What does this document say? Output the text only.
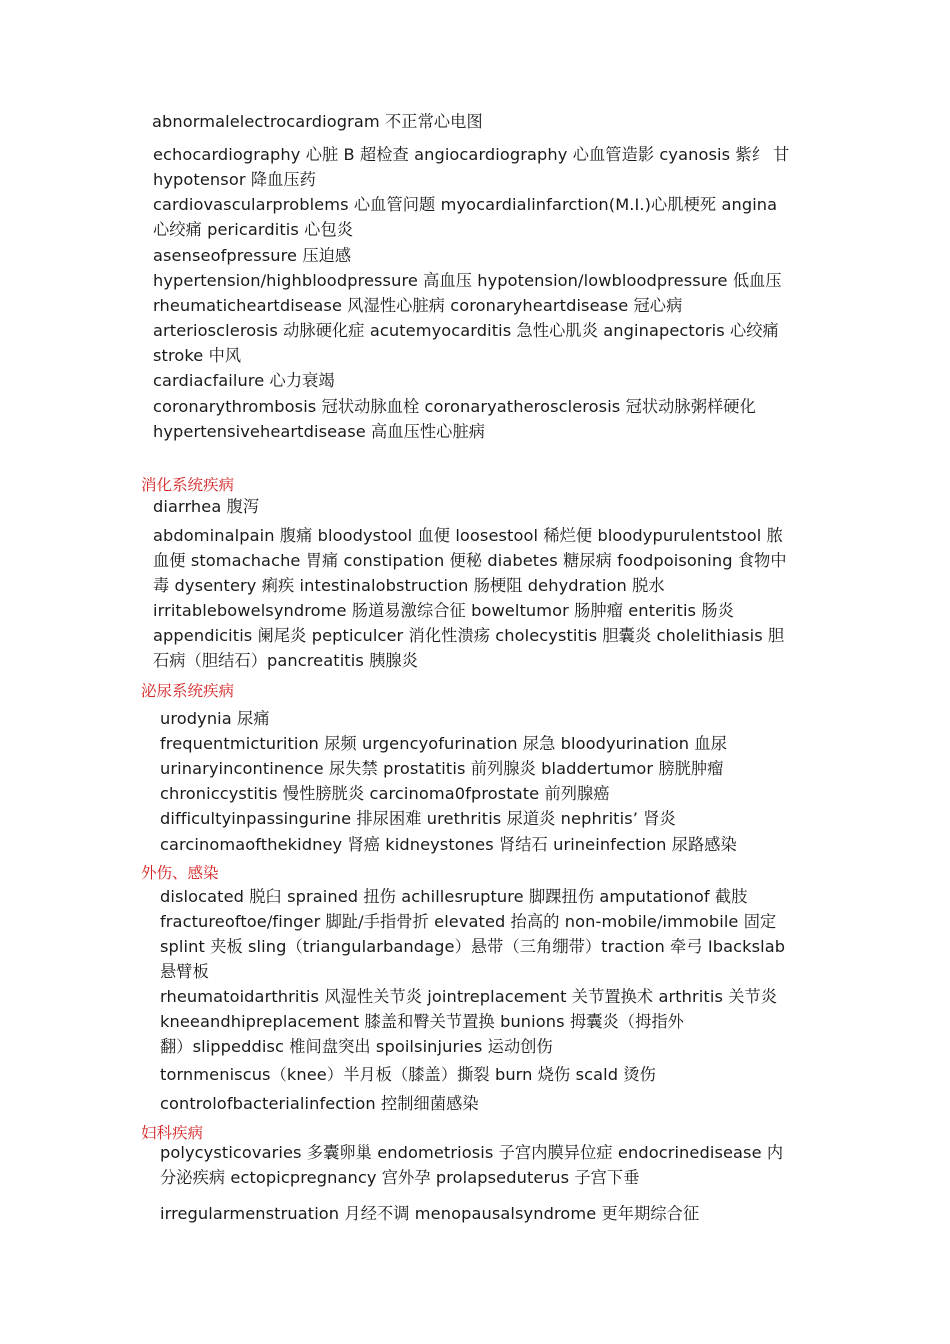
abnormalelectrocardiogram 不正常心电图
echocardiography 心脏 B 超检查 angiocardiography 心血管造影 cyanosis 紫纟 甘
hypotensor 降血压药
cardiovascularproblems 心血管问题 myocardialinfarction(M.I.)心肌梗死 angina
心绞痛 pericarditis 心包炎
asenseofpressure 压迫感
hypertension/highbloodpressure 高血压 hypotension/lowbloodpressure 低血压
rheumaticheartdisease 风湿性心脏病 coronaryheartdisease 冠心病
arteriosclerosis 动脉硬化症 acutemyocarditis 急性心肌炎 anginapectoris 心绞痛
stroke 中风
cardiacfailure 心力衰竭
coronarythrombosis 冠状动脉血栓 coronaryatherosclerosis 冠状动脉粥样硬化
hypertensiveheartdisease 高血压性心脏病
消化系统疾病
diarrhea 腹泻
abdominalpain 腹痛 bloodystool 血便 loosestool 稀烂便 bloodypurulentstool 脓
血便 stomachache 胃痛 constipation 便秘 diabetes 糖尿病 foodpoisoning 食物中
毒 dysentery 痢疾 intestinalobstruction 肠梗阻 dehydration 脱水
irritablebowelsyndrome 肠道易激综合征 boweltumor 肠肿瘤 enteritis 肠炎
appendicitis 阑尾炎 pepticulcer 消化性溃疡 cholecystitis 胆囊炎 cholelithiasis 胆
石病（胆结石）pancreatitis 胰腺炎
泌尿系统疾病
urodynia 尿痛
frequentmicturition 尿频 urgencyofurination 尿急 bloodyurination 血尿
urinaryincontinence 尿失禁 prostatitis 前列腺炎 bladdertumor 膀胱肿瘤
chroniccystitis 慢性膀胱炎 carcinoma0fprostate 前列腺癌
difficultyinpassingurine 排尿困难 urethritis 尿道炎 nephritis’ 肾炎
carcinomaofthekidney 肾癌 kidneystones 肾结石 urineinfection 尿路感染
外伤、感染
dislocated 脱臼 sprained 扭伤 achillesrupture 脚踝扭伤 amputationof 截肢
fractureoftoe/finger 脚趾/手指骨折 elevated 抬高的 non-mobile/immobile 固定
splint 夹板 sling（triangularbandage）悬带（三角绷带）traction 牵弓 Ibackslab
悬臂板
rheumatoidarthritis 风湿性关节炎 jointreplacement 关节置换术 arthritis 关节炎
kneeandhipreplacement 膝盖和臀关节置换 bunions 拇囊炎（拇指外
翻）slippeddisc 椎间盘突出 spoilsinjuries 运动创伤
tornmeniscus（knee）半月板（膝盖）撕裂 burn 烧伤 scald 烫伤
controlofbacterialinfection 控制细菌感染
妇科疾病
polycysticovaries 多囊卵巢 endometriosis 子宫内膜异位症 endocrinedisease 内
分泌疾病 ectopicpregnancy 宫外孕 prolapseduterus 子宫下垂
irregularmenstruation 月经不调 menopausalsyndrome 更年期综合征
